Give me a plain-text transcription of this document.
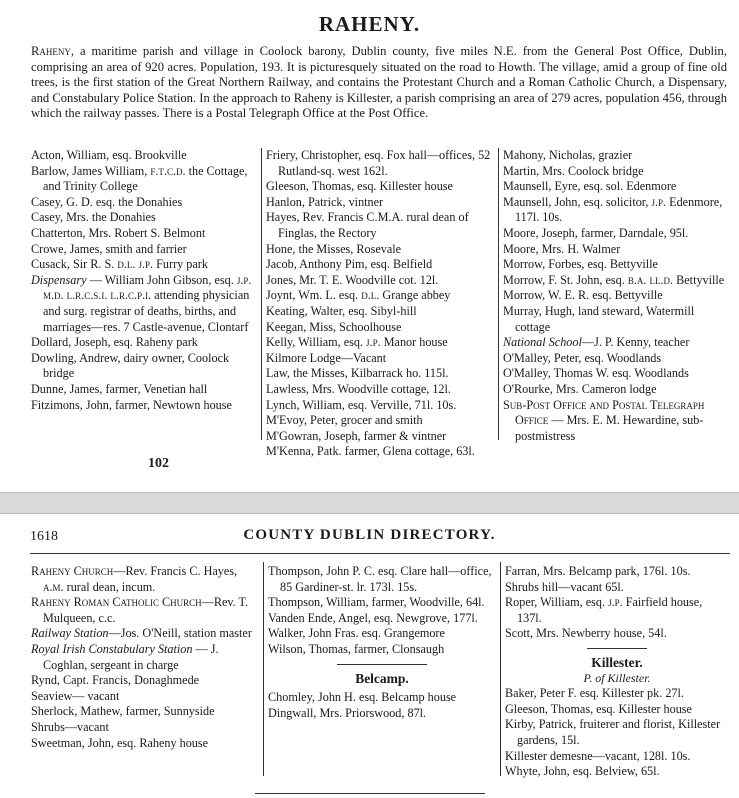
RAHENY.
Raheny, a maritime parish and village in Coolock barony, Dublin county, five miles N.E. from the General Post Office, Dublin, comprising an area of 920 acres. Population, 193. It is picturesquely situated on the road to Howth. The village, amid a group of fine old trees, is the first station of the Great Northern Railway, and contains the Protestant Church and a Roman Catholic Church, a Dispensary, and Constabulary Police Station. In the approach to Raheny is Killester, a parish comprising an area of 279 acres, population 456, through which the railway passes. There is a Postal Telegraph Office at the Post Office.
Acton, William, esq. Brookville
Barlow, James William, f.t.c.d. the Cottage, and Trinity College
Casey, G. D. esq. the Donahies
Casey, Mrs. the Donahies
Chatterton, Mrs. Robert S. Belmont
Crowe, James, smith and farrier
Cusack, Sir R. S. d.l. j.p. Furry park
Dispensary — William John Gibson, esq. j.p. m.d. l.r.c.s.i. l.r.c.p.i. attending physician and surg. registrar of deaths, births, and marriages—res. 7 Castle-avenue, Clontarf
Dollard, Joseph, esq. Raheny park
Dowling, Andrew, dairy owner, Coolock bridge
Dunne, James, farmer, Venetian hall
Fitzimons, John, farmer, Newtown house
Friery, Christopher, esq. Fox hall—offices, 52 Rutland-sq. west 162l.
Gleeson, Thomas, esq. Killester house
Hanlon, Patrick, vintner
Hayes, Rev. Francis C.M.A. rural dean of Finglas, the Rectory
Hone, the Misses, Rosevale
Jacob, Anthony Pim, esq. Belfield
Jones, Mr. T. E. Woodville cot. 12l.
Joynt, Wm. L. esq. d.l. Grange abbey
Keating, Walter, esq. Sibyl-hill
Keegan, Miss, Schoolhouse
Kelly, William, esq. j.p. Manor house
Kilmore Lodge—Vacant
Law, the Misses, Kilbarrack ho. 115l.
Lawless, Mrs. Woodville cottage, 12l.
Lynch, William, esq. Verville, 71l. 10s.
M'Evoy, Peter, grocer and smith
M'Gowran, Joseph, farmer & vintner
M'Kenna, Patk. farmer, Glena cottage, 63l.
Mahony, Nicholas, grazier
Martin, Mrs. Coolock bridge
Maunsell, Eyre, esq. sol. Edenmore
Maunsell, John, esq. solicitor, j.p. Edenmore, 117l. 10s.
Moore, Joseph, farmer, Darndale, 95l.
Moore, Mrs. H. Walmer
Morrow, Forbes, esq. Bettyville
Morrow, F. St. John, esq. b.a. ll.d. Bettyville
Morrow, W. E. R. esq. Bettyville
Murray, Hugh, land steward, Watermill cottage
National School—J. P. Kenny, teacher
O'Malley, Peter, esq. Woodlands
O'Malley, Thomas W. esq. Woodlands
O'Rourke, Mrs. Cameron lodge
Sub-Post Office and Postal Telegraph Office — Mrs. E. M. Hewardine, sub-postmistress
102
1618	COUNTY DUBLIN DIRECTORY.
Raheny Church—Rev. Francis C. Hayes, a.m. rural dean, incum.
Raheny Roman Catholic Church—Rev. T. Mulqueen, c.c.
Railway Station—Jos. O'Neill, station master
Royal Irish Constabulary Station — J. Coghlan, sergeant in charge
Rynd, Capt. Francis, Donaghmede
Seaview— vacant
Sherlock, Mathew, farmer, Sunnyside
Shrubs—vacant
Sweetman, John, esq. Raheny house
Thompson, John P. C. esq. Clare hall—office, 85 Gardiner-st. lr. 173l. 15s.
Thompson, William, farmer, Woodville, 64l.
Vanden Ende, Angel, esq. Newgrove, 177l.
Walker, John Fras. esq. Grangemore
Wilson, Thomas, farmer, Clonsaugh
Belcamp.
Chomley, John H. esq. Belcamp house
Dingwall, Mrs. Priorswood, 87l.
Farran, Mrs. Belcamp park, 176l. 10s.
Shrubs hill—vacant 65l.
Roper, William, esq. j.p. Fairfield house, 137l.
Scott, Mrs. Newberry house, 54l.
Killester.
P. of Killester.
Baker, Peter F. esq. Killester pk. 27l.
Gleeson, Thomas, esq. Killester house
Kirby, Patrick, fruiterer and florist, Killester gardens, 15l.
Killester demesne—vacant, 128l. 10s.
Whyte, John, esq. Belview, 65l.
